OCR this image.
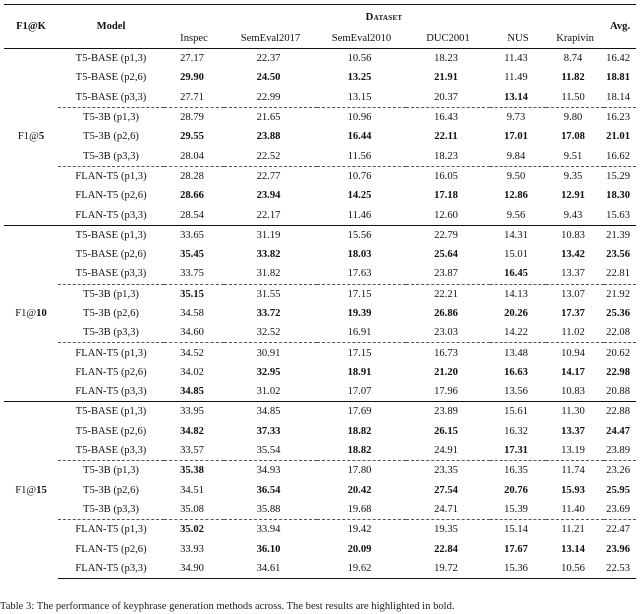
F1@K	Model	Dataset						Avg.
		Inspec	SemEval2017	SemEval2010	DUC2001	NUS	Krapivin	
F1@5	T5-BASE (p1,3)	27.17	22.37	10.56	18.23	11.43	8.74	16.42
	T5-BASE (p2,6)	29.90	24.50	13.25	21.91	11.49	11.82	18.81
	T5-BASE (p3,3)	27.71	22.99	13.15	20.37	13.14	11.50	18.14
	T5-3B (p1,3)	28.79	21.65	10.96	16.43	9.73	9.80	16.23
	T5-3B (p2,6)	29.55	23.88	16.44	22.11	17.01	17.08	21.01
	T5-3B (p3,3)	28.04	22.52	11.56	18.23	9.84	9.51	16.62
	FLAN-T5 (p1,3)	28.28	22.77	10.76	16.05	9.50	9.35	15.29
	FLAN-T5 (p2,6)	28.66	23.94	14.25	17.18	12.86	12.91	18.30
	FLAN-T5 (p3,3)	28.54	22.17	11.46	12.60	9.56	9.43	15.63
F1@10	T5-BASE (p1,3)	33.65	31.19	15.56	22.79	14.31	10.83	21.39
	T5-BASE (p2,6)	35.45	33.82	18.03	25.64	15.01	13.42	23.56
	T5-BASE (p3,3)	33.75	31.82	17.63	23.87	16.45	13.37	22.81
	T5-3B (p1,3)	35.15	31.55	17.15	22.21	14.13	13.07	21.92
	T5-3B (p2,6)	34.58	33.72	19.39	26.86	20.26	17.37	25.36
	T5-3B (p3,3)	34.60	32.52	16.91	23.03	14.22	11.02	22.08
	FLAN-T5 (p1,3)	34.52	30.91	17.15	16.73	13.48	10.94	20.62
	FLAN-T5 (p2,6)	34.02	32.95	18.91	21.20	16.63	14.17	22.98
	FLAN-T5 (p3,3)	34.85	31.02	17.07	17.96	13.56	10.83	20.88
F1@15	T5-BASE (p1,3)	33.95	34.85	17.69	23.89	15.61	11.30	22.88
	T5-BASE (p2,6)	34.82	37.33	18.82	26.15	16.32	13.37	24.47
	T5-BASE (p3,3)	33.57	35.54	18.82	24.91	17.31	13.19	23.89
	T5-3B (p1,3)	35.38	34.93	17.80	23.35	16.35	11.74	23.26
	T5-3B (p2,6)	34.51	36.54	20.42	27.54	20.76	15.93	25.95
	T5-3B (p3,3)	35.08	35.88	19.68	24.71	15.39	11.40	23.69
	FLAN-T5 (p1,3)	35.02	33.94	19.42	19.35	15.14	11.21	22.47
	FLAN-T5 (p2,6)	33.93	36.10	20.09	22.84	17.67	13.14	23.96
	FLAN-T5 (p3,3)	34.90	34.61	19.62	19.72	15.36	10.56	22.53
Table 3: The performance of keyphrase generation methods across. The best results are highlighted in bold.
